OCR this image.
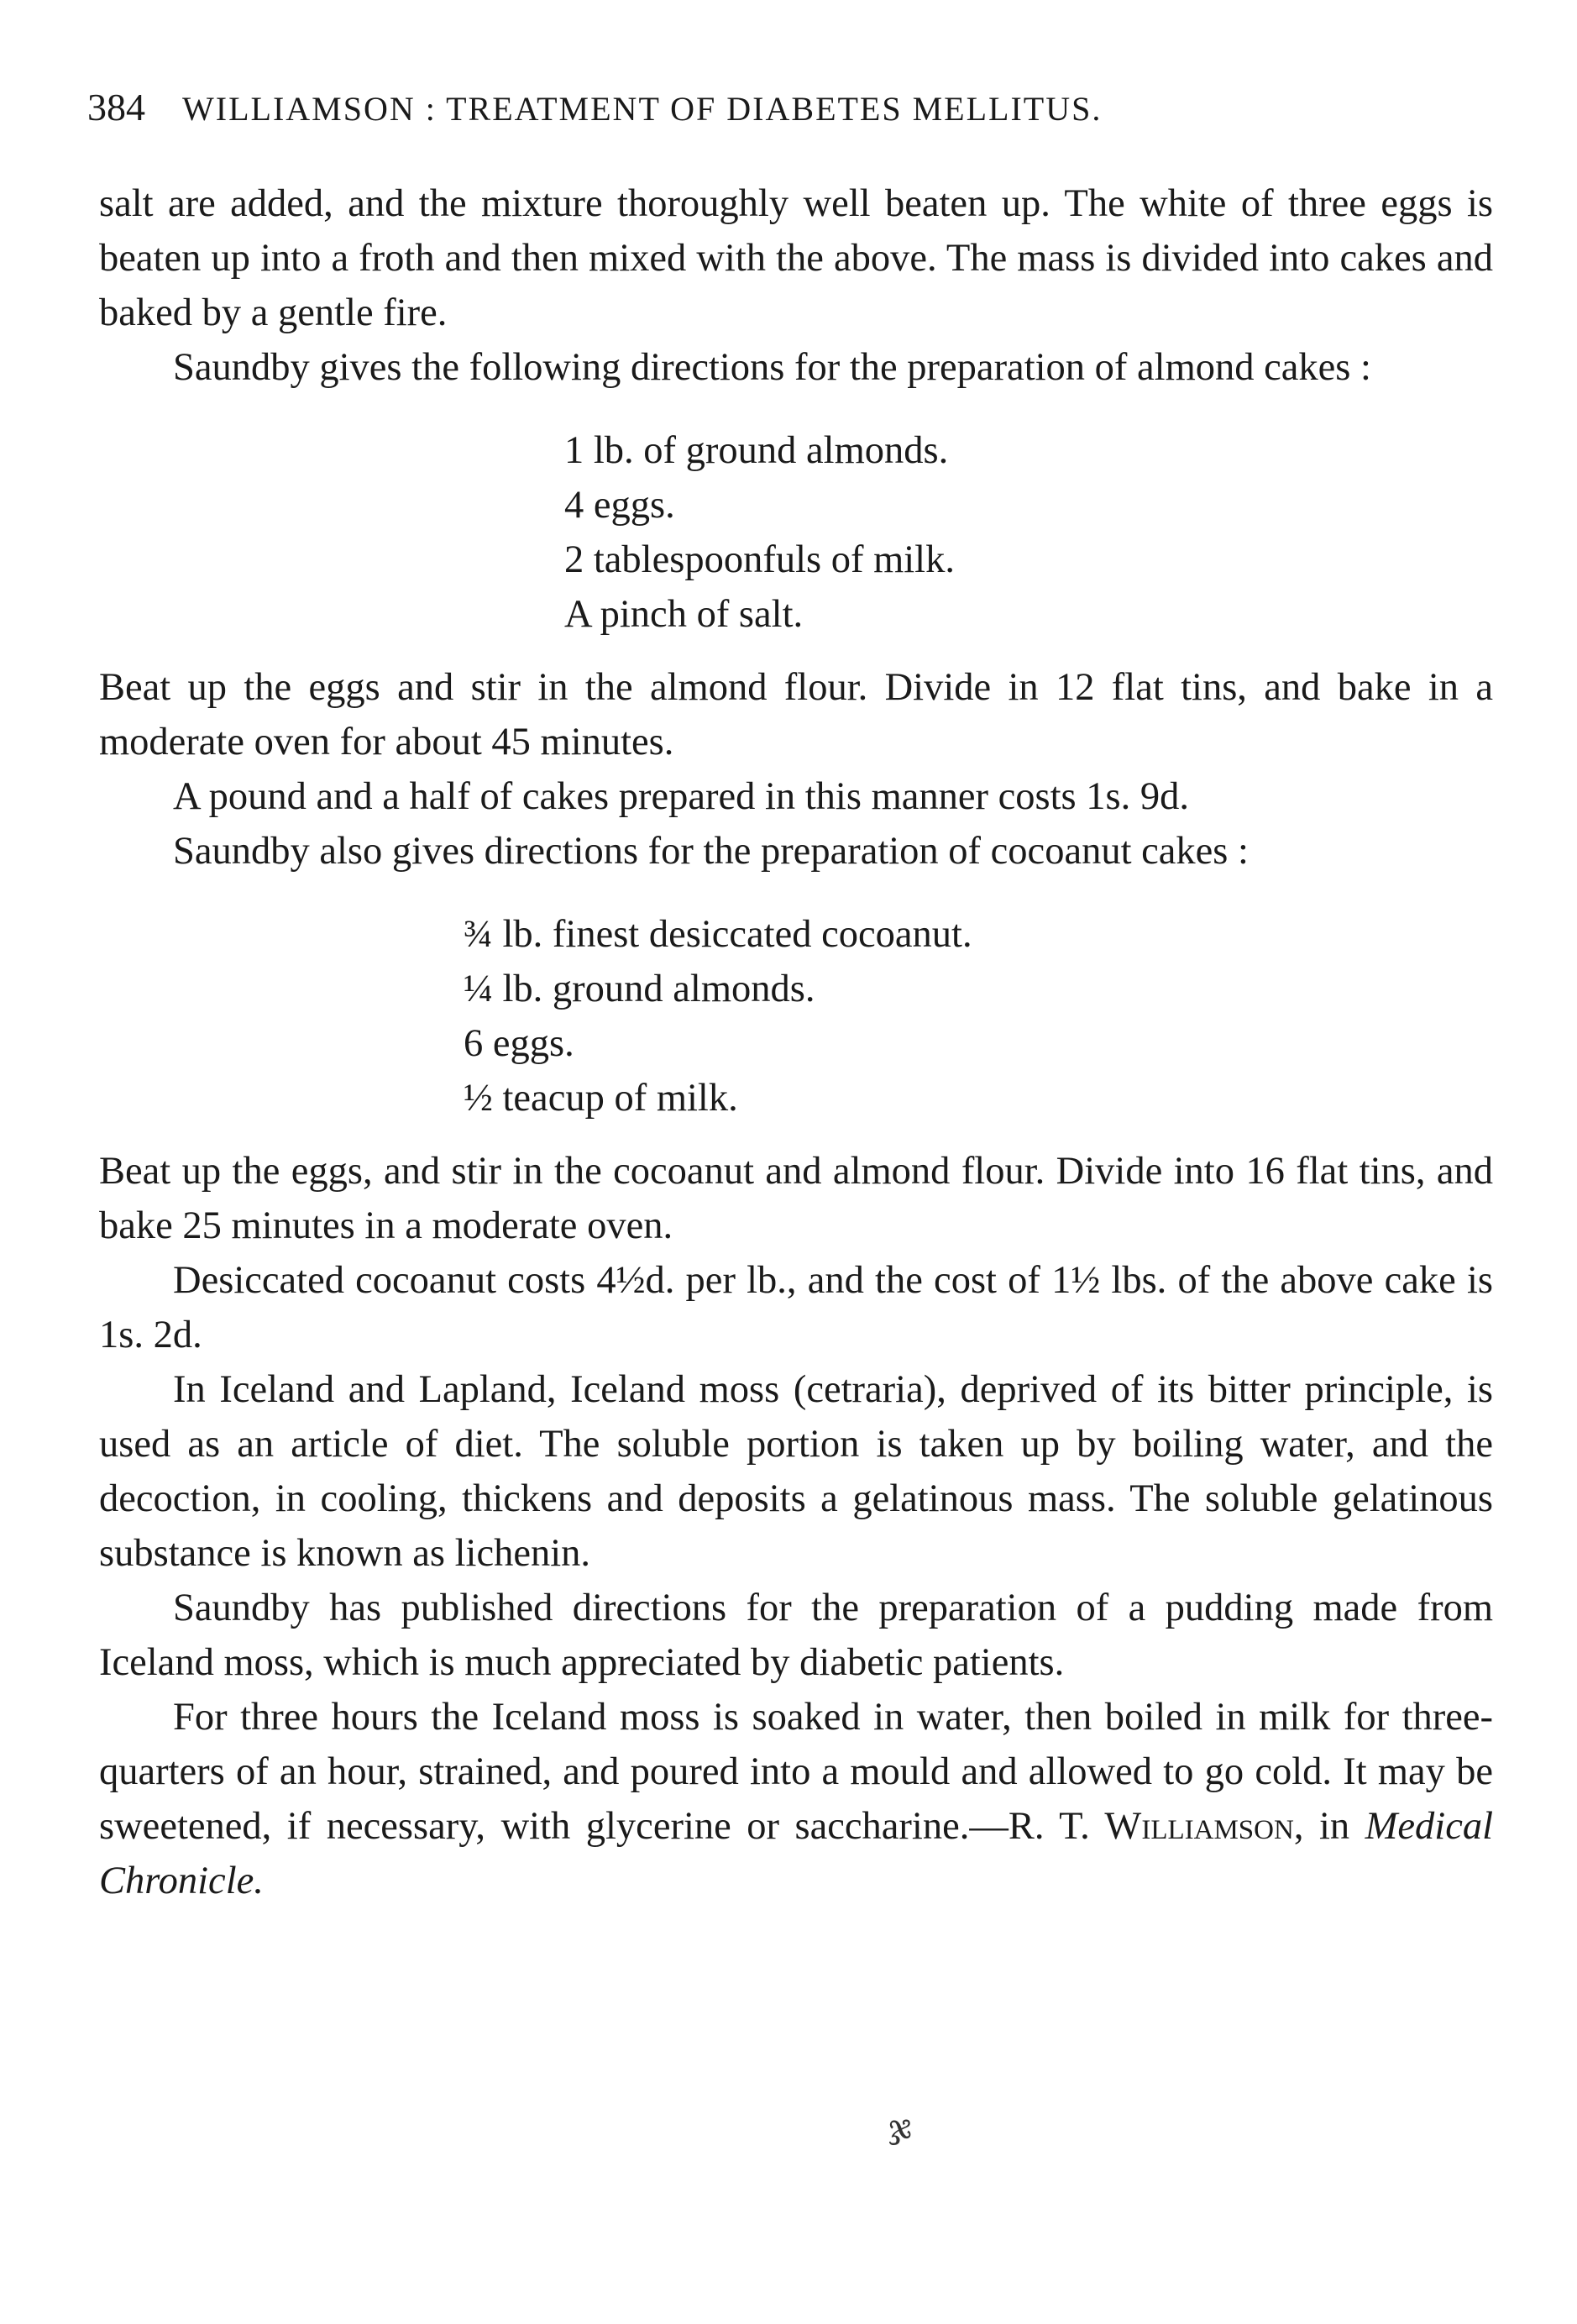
384 WILLIAMSON : TREATMENT OF DIABETES MELLITUS.

salt are added, and the mixture thoroughly well beaten up. The white of three eggs is beaten up into a froth and then mixed with the above. The mass is divided into cakes and baked by a gentle fire.

Saundby gives the following directions for the preparation of almond cakes :

1 lb. of ground almonds.
4 eggs.
2 tablespoonfuls of milk.
A pinch of salt.

Beat up the eggs and stir in the almond flour. Divide in 12 flat tins, and bake in a moderate oven for about 45 minutes.

A pound and a half of cakes prepared in this manner costs 1s. 9d.

Saundby also gives directions for the preparation of cocoanut cakes :

¾ lb. finest desiccated cocoanut.
¼ lb. ground almonds.
6 eggs.
½ teacup of milk.

Beat up the eggs, and stir in the cocoanut and almond flour. Divide into 16 flat tins, and bake 25 minutes in a moderate oven.

Desiccated cocoanut costs 4½d. per lb., and the cost of 1½ lbs. of the above cake is 1s. 2d.

In Iceland and Lapland, Iceland moss (cetraria), deprived of its bitter principle, is used as an article of diet. The soluble portion is taken up by boiling water, and the decoction, in cooling, thickens and deposits a gelatinous mass. The soluble gelatinous substance is known as lichenin.

Saundby has published directions for the preparation of a pudding made from Iceland moss, which is much appreciated by diabetic patients.

For three hours the Iceland moss is soaked in water, then boiled in milk for three-quarters of an hour, strained, and poured into a mould and allowed to go cold. It may be sweetened, if necessary, with glycerine or saccharine.—R. T. Williamson, in Medical Chronicle.

ჯ
